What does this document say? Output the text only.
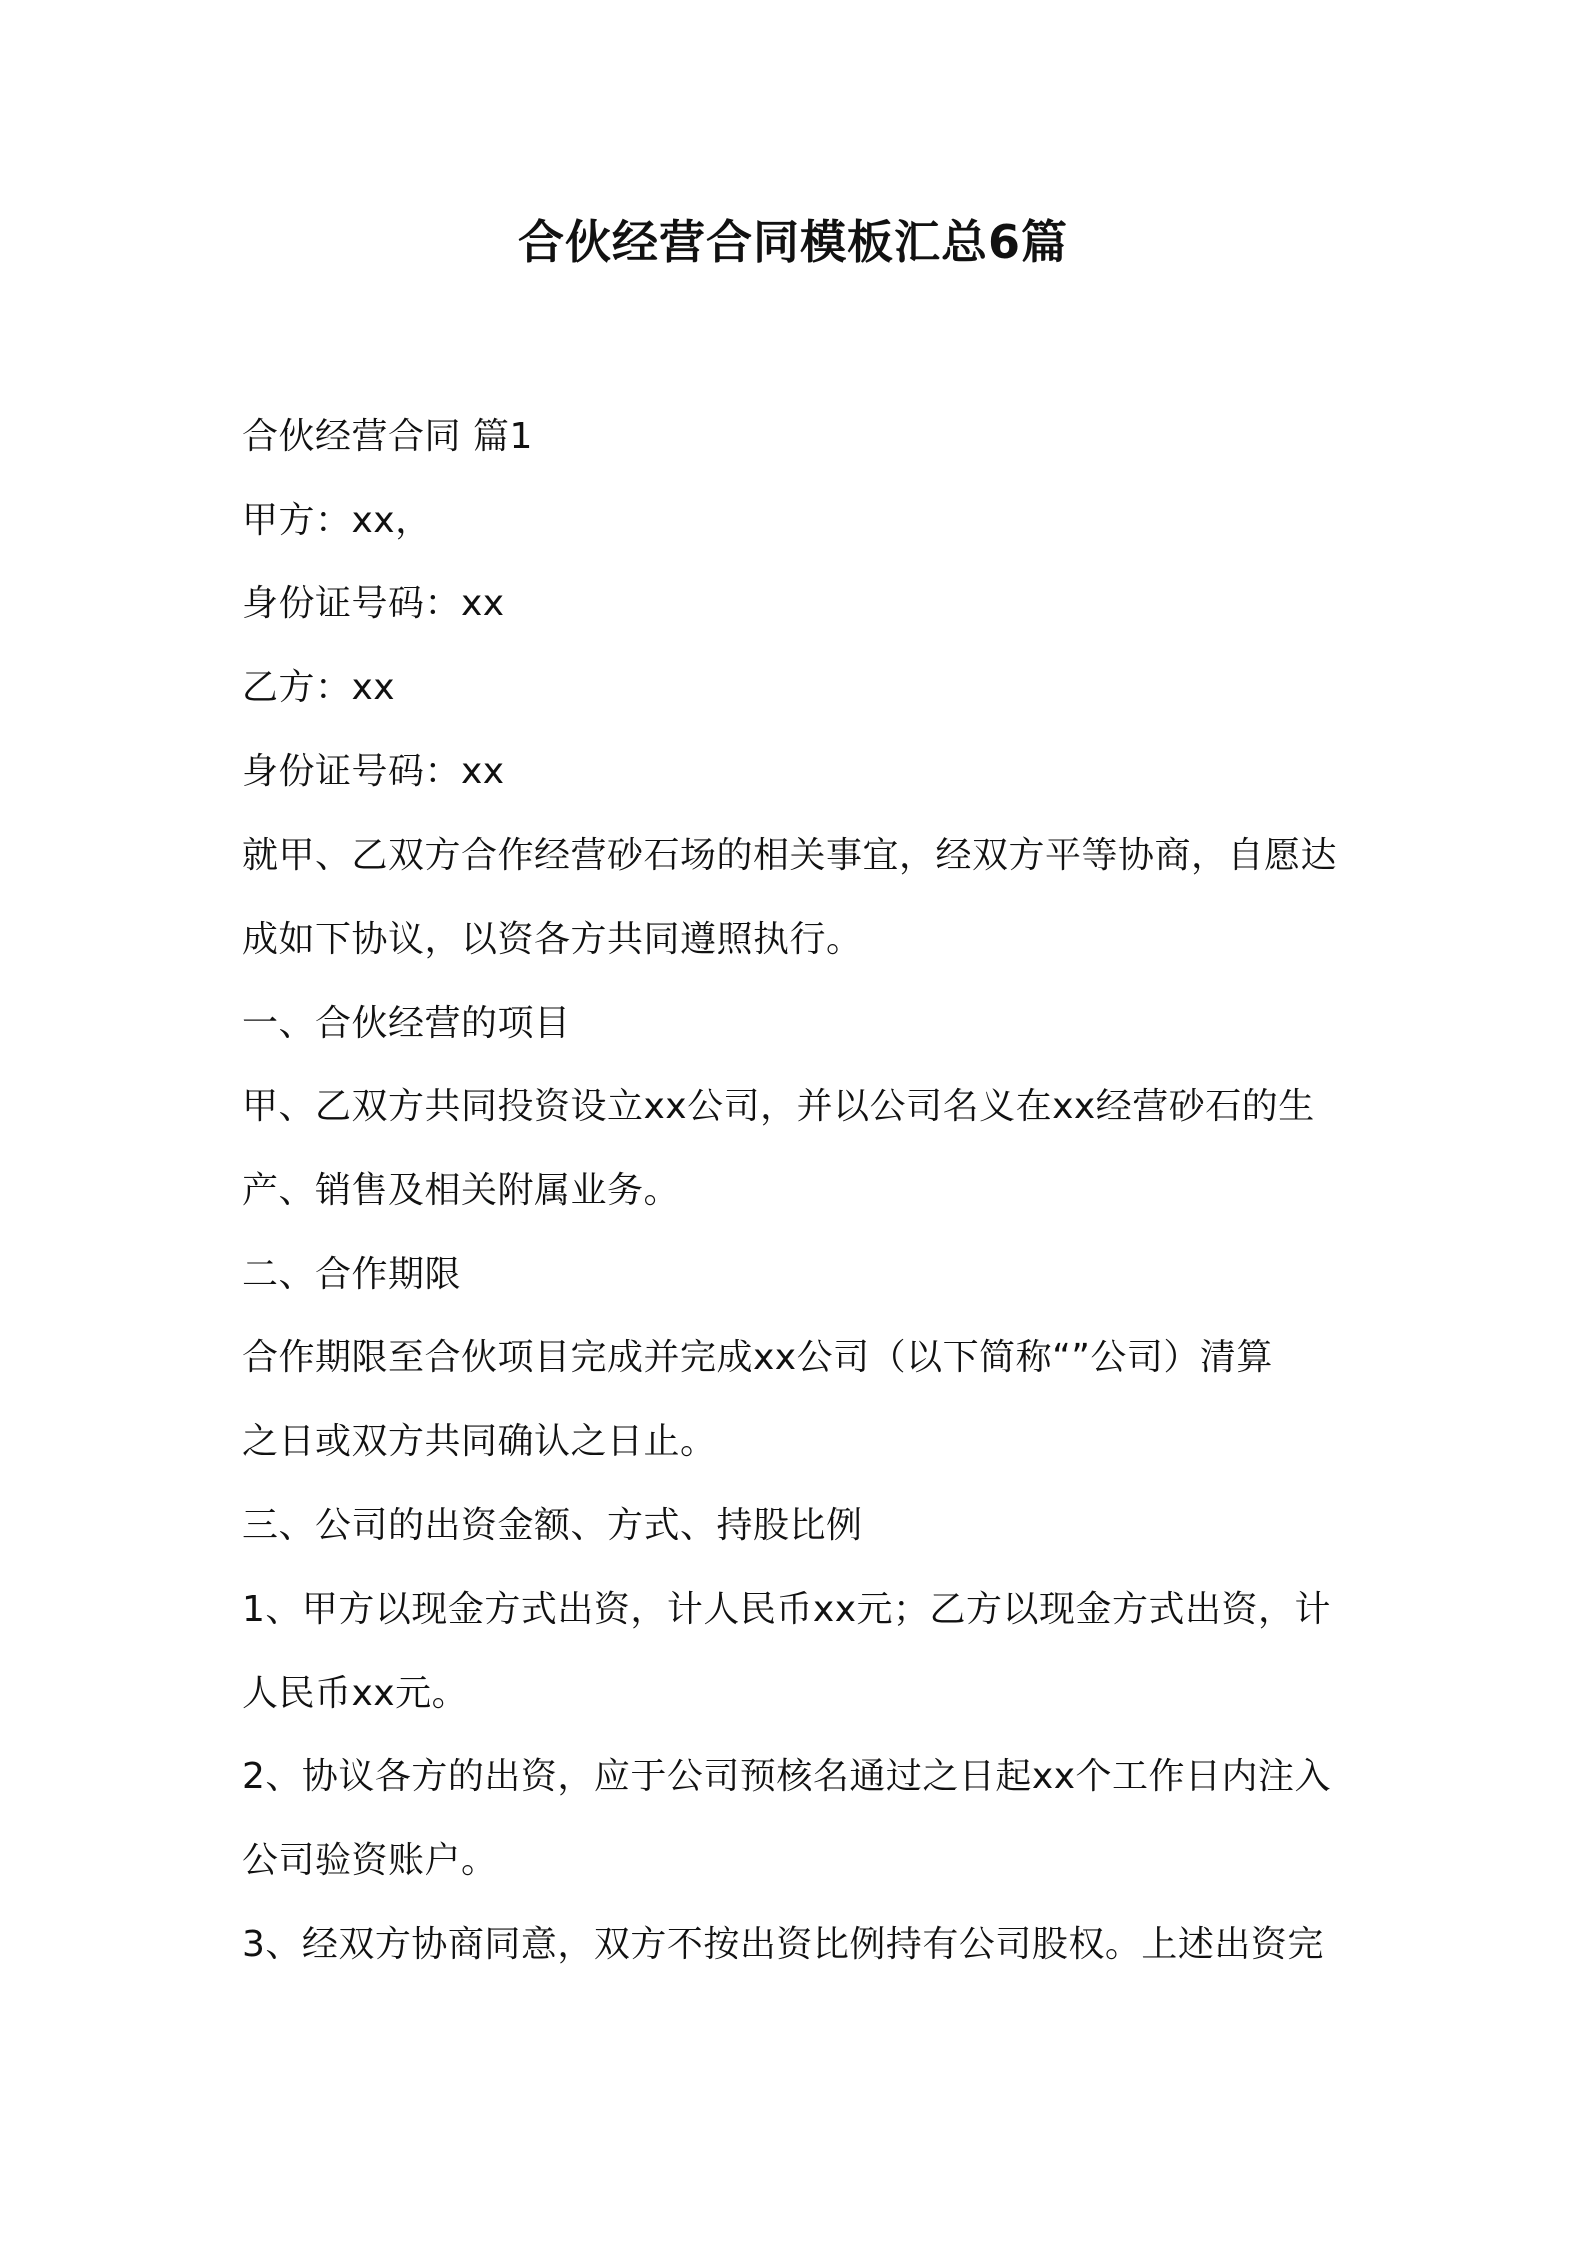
合伙经营合同模板汇总6篇

合伙经营合同 篇1

甲方：xx，

身份证号码：xx

乙方：xx

身份证号码：xx

就甲、乙双方合作经营砂石场的相关事宜，经双方平等协商，自愿达

成如下协议，以资各方共同遵照执行。

一、合伙经营的项目

甲、乙双方共同投资设立xx公司，并以公司名义在xx经营砂石的生

产、销售及相关附属业务。

二、合作期限

合作期限至合伙项目完成并完成xx公司（以下简称“”公司）清算

之日或双方共同确认之日止。

三、公司的出资金额、方式、持股比例

1、甲方以现金方式出资，计人民币xx元；乙方以现金方式出资，计

人民币xx元。

2、协议各方的出资，应于公司预核名通过之日起xx个工作日内注入

公司验资账户。

3、经双方协商同意，双方不按出资比例持有公司股权。上述出资完
